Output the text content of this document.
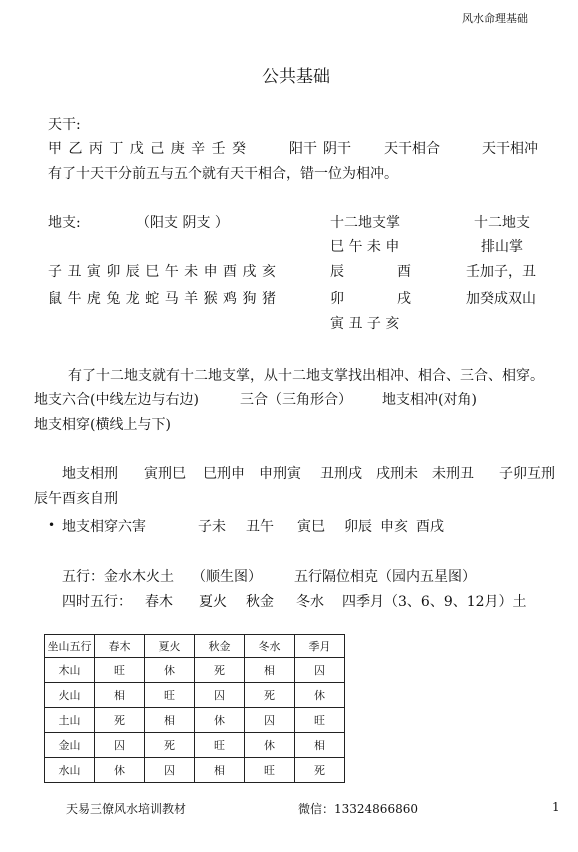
风水命理基础
公共基础
天干:
甲 乙 丙 丁 戊 己 庚 辛 壬 癸	阳干 阴干 天干相合	天干相冲
有了十天干分前五与五个就有天干相合，错一位为相冲。
地支:	（阳支 阴支 ）
子 丑 寅 卯 辰 巳 午 未 申 酉 戌 亥
鼠 牛 虎 兔 龙 蛇 马 羊 猴 鸡 狗 猪
十二地支掌
巳 午 未 申
辰	酉
卯	戌
寅 丑 子 亥
十二地支
排山掌
壬加子，丑
加癸成双山
有了十二地支就有十二地支掌，从十二地支掌找出相冲、相合、三合、相穿。
地支六合(中线左边与右边)	三合（三角形合） 地支相冲(对角)
地支相穿(横线上与下)
地支相刑 寅刑巳 巳刑申 申刑寅 丑刑戌 戌刑未 未刑丑 子卯互刑
辰午酉亥自刑
• 地支相穿六害	子未 丑午 寅巳 卯辰 申亥 酉戌
五行：金水木火土 （顺生图） 五行隔位相克（园内五星图）
四时五行： 春木 夏火 秋金 冬水 四季月（3、6、9、12月）土
坐山五行	春木	夏火	秋金	冬水	季月
木山	旺	休	死	相	囚
火山	相	旺	囚	死	休
土山	死	相	休	囚	旺
金山	囚	死	旺	休	相
水山	休	囚	相	旺	死
天易三僚风水培训教材	微信：13324866860	1
